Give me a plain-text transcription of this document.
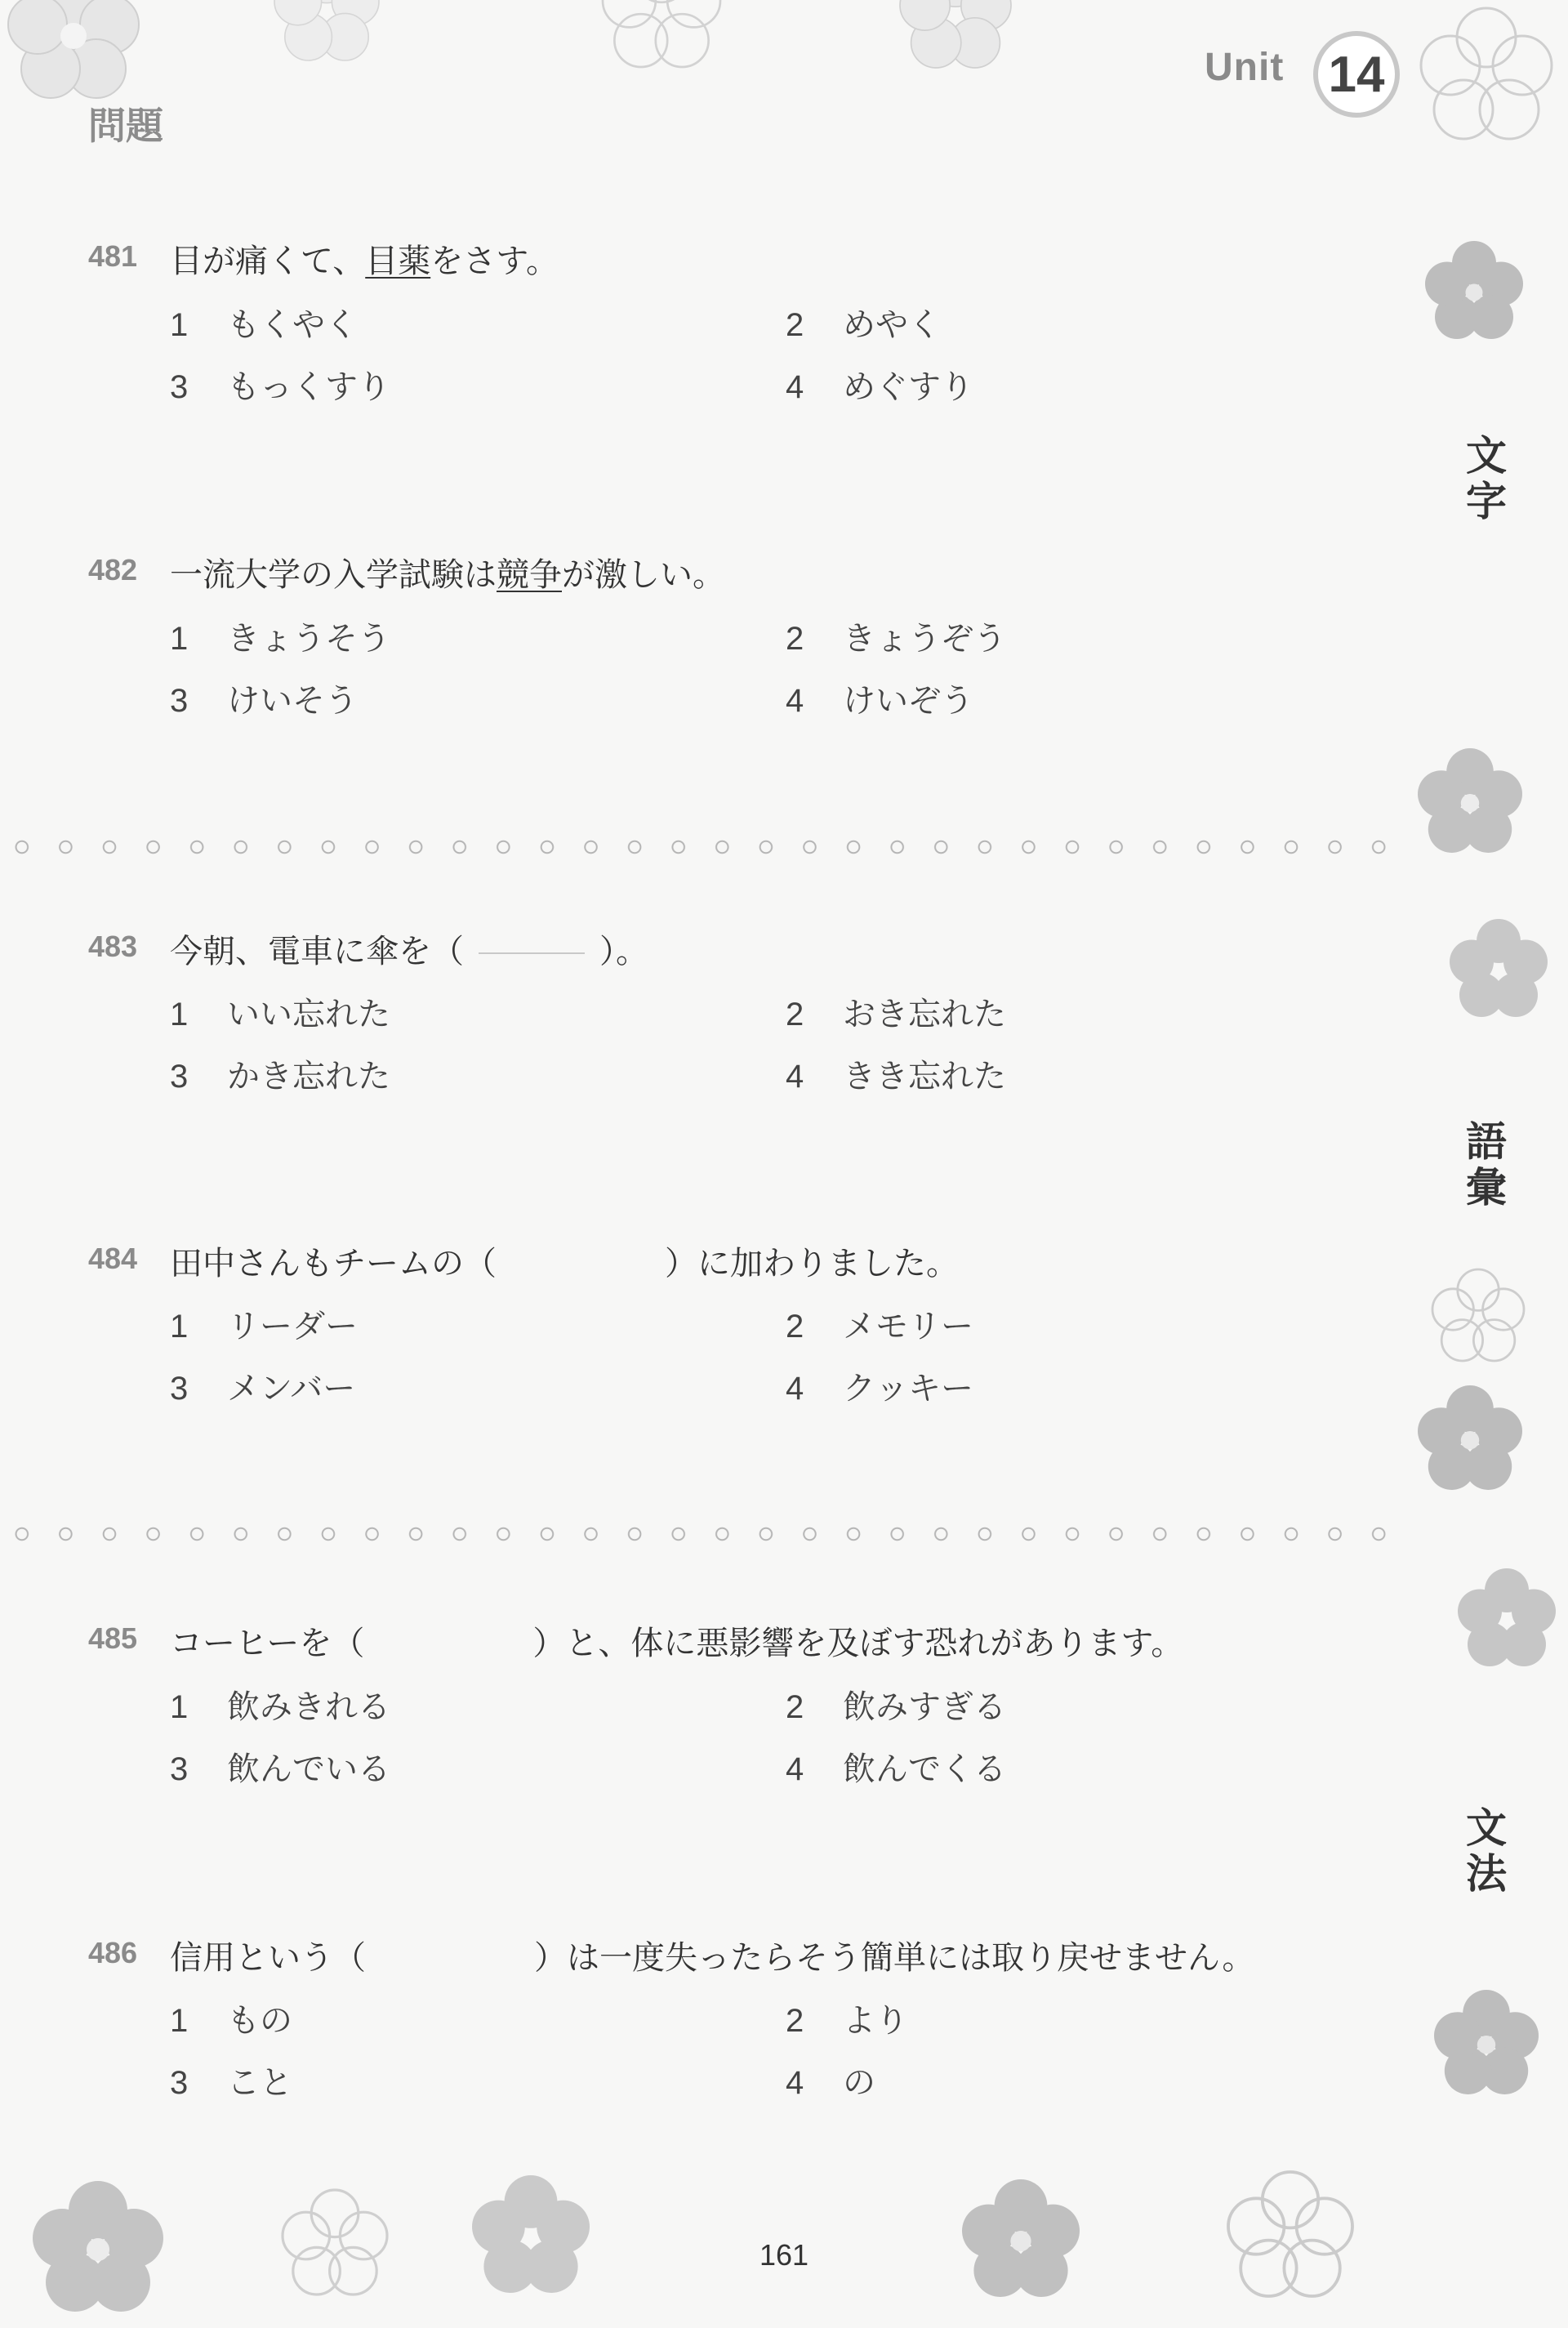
Unit 14
問題
文
字
語
彙
文
法
481 目が痛くて、目薬をさす。
1 もくやく	2 めやく
3 もっくすり	4 めぐすり
482 一流大学の入学試験は競争が激しい。
1 きょうそう	2 きょうぞう
3 けいそう	4 けいぞう
483 今朝、電車に傘を（	）。
1 いい忘れた	2 おき忘れた
3 かき忘れた	4 きき忘れた
484 田中さんもチームの（	）に加わりました。
1 リーダー	2 メモリー
3 メンバー	4 クッキー
485 コーヒーを（	）と、体に悪影響を及ぼす恐れがあります。
1 飲みきれる	2 飲みすぎる
3 飲んでいる	4 飲んでくる
486 信用という（	）は一度失ったらそう簡単には取り戻せません。
1 もの	2 より
3 こと	4 の
161
